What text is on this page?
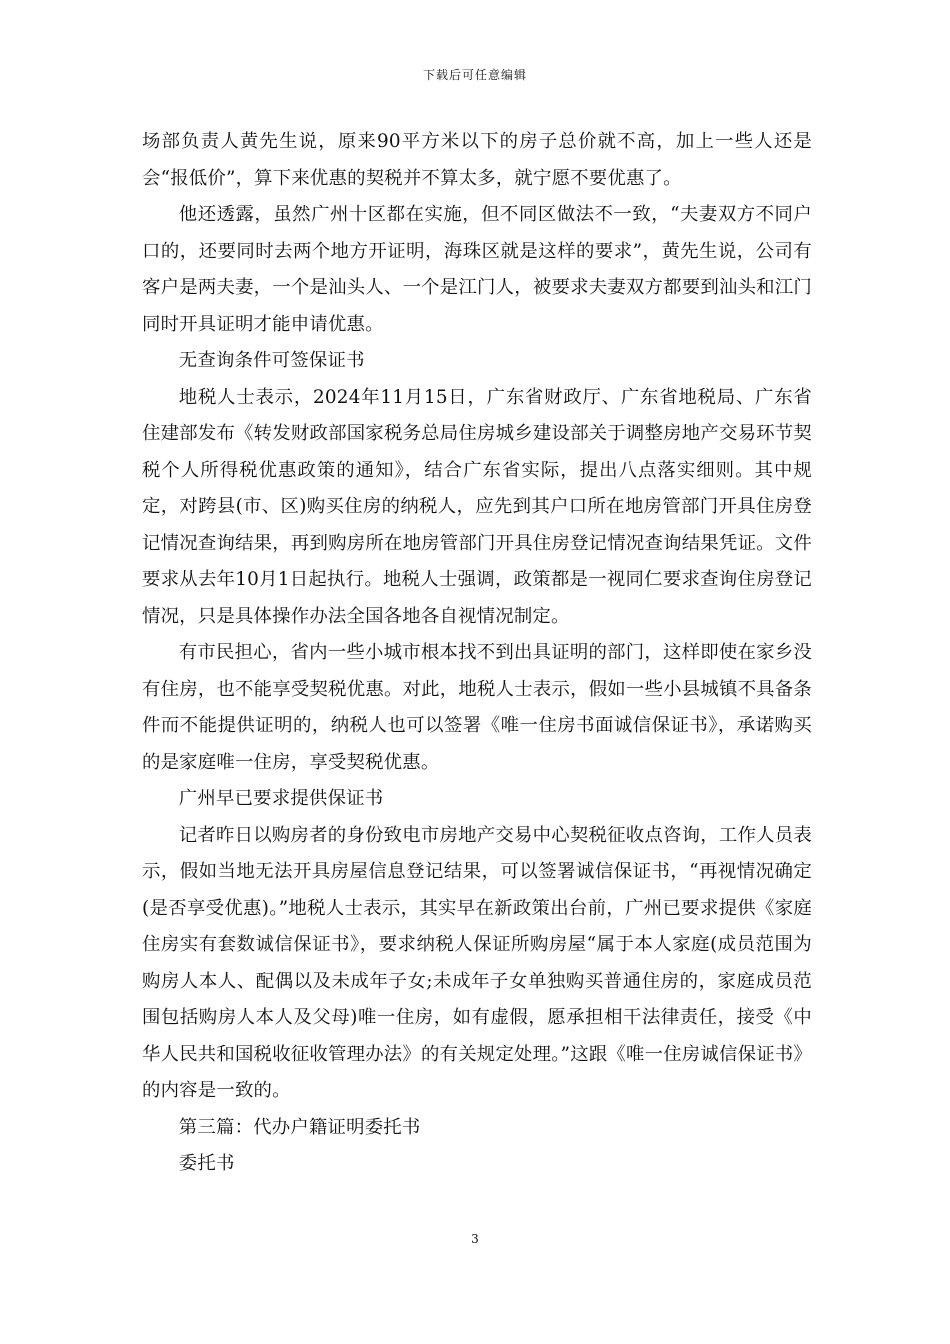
下载后可任意编辑

场部负责人黄先生说，原来90平方米以下的房子总价就不高，加上一些人还是会“报低价”，算下来优惠的契税并不算太多，就宁愿不要优惠了。

他还透露，虽然广州十区都在实施，但不同区做法不一致，“夫妻双方不同户口的，还要同时去两个地方开证明，海珠区就是这样的要求”，黄先生说，公司有客户是两夫妻，一个是汕头人、一个是江门人，被要求夫妻双方都要到汕头和江门同时开具证明才能申请优惠。

无查询条件可签保证书

地税人士表示，2024年11月15日，广东省财政厅、广东省地税局、广东省住建部发布《转发财政部国家税务总局住房城乡建设部关于调整房地产交易环节契税个人所得税优惠政策的通知》，结合广东省实际，提出八点落实细则。其中规定，对跨县(市、区)购买住房的纳税人，应先到其户口所在地房管部门开具住房登记情况查询结果，再到购房所在地房管部门开具住房登记情况查询结果凭证。文件要求从去年10月1日起执行。地税人士强调，政策都是一视同仁要求查询住房登记情况，只是具体操作办法全国各地各自视情况制定。

有市民担心，省内一些小城市根本找不到出具证明的部门，这样即使在家乡没有住房，也不能享受契税优惠。对此，地税人士表示，假如一些小县城镇不具备条件而不能提供证明的，纳税人也可以签署《唯一住房书面诚信保证书》，承诺购买的是家庭唯一住房，享受契税优惠。

广州早已要求提供保证书

记者昨日以购房者的身份致电市房地产交易中心契税征收点咨询，工作人员表示，假如当地无法开具房屋信息登记结果，可以签署诚信保证书，“再视情况确定(是否享受优惠)。”地税人士表示，其实早在新政策出台前，广州已要求提供《家庭住房实有套数诚信保证书》，要求纳税人保证所购房屋“属于本人家庭(成员范围为购房人本人、配偶以及未成年子女;未成年子女单独购买普通住房的，家庭成员范围包括购房人本人及父母)唯一住房，如有虚假，愿承担相干法律责任，接受《中华人民共和国税收征收管理办法》的有关规定处理。”这跟《唯一住房诚信保证书》的内容是一致的。

第三篇：代办户籍证明委托书

委托书

3
